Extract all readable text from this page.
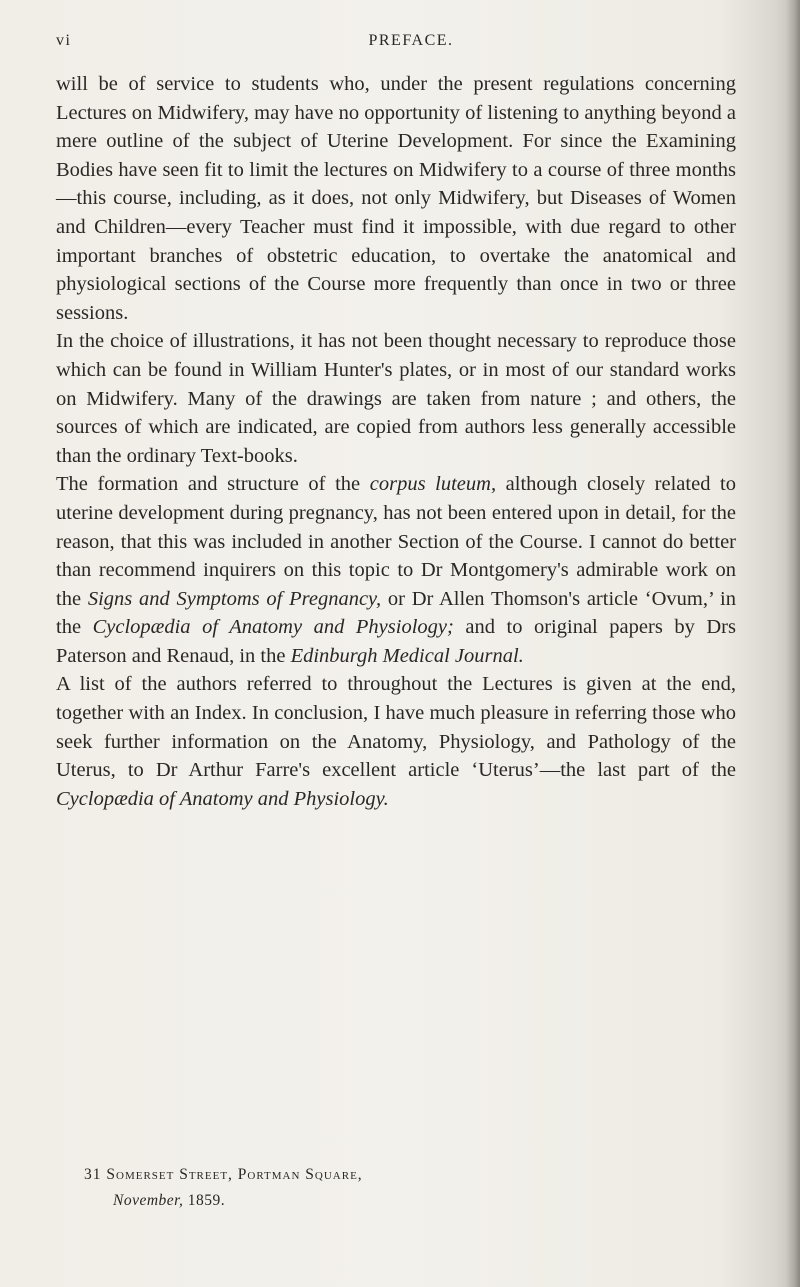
vi	PREFACE.

will be of service to students who, under the present regulations concerning Lectures on Midwifery, may have no opportunity of listening to anything beyond a mere outline of the subject of Uterine Development. For since the Examining Bodies have seen fit to limit the lectures on Midwifery to a course of three months—this course, including, as it does, not only Midwifery, but Diseases of Women and Children—every Teacher must find it impossible, with due regard to other important branches of obstetric education, to overtake the anatomical and physiological sections of the Course more frequently than once in two or three sessions.

In the choice of illustrations, it has not been thought necessary to reproduce those which can be found in William Hunter's plates, or in most of our standard works on Midwifery. Many of the drawings are taken from nature ; and others, the sources of which are indicated, are copied from authors less generally accessible than the ordinary Text-books.

The formation and structure of the corpus luteum, although closely related to uterine development during pregnancy, has not been entered upon in detail, for the reason, that this was included in another Section of the Course. I cannot do better than recommend inquirers on this topic to Dr Montgomery's admirable work on the Signs and Symptoms of Pregnancy, or Dr Allen Thomson's article ‘Ovum,’ in the Cyclopædia of Anatomy and Physiology; and to original papers by Drs Paterson and Renaud, in the Edinburgh Medical Journal.

A list of the authors referred to throughout the Lectures is given at the end, together with an Index. In conclusion, I have much pleasure in referring those who seek further information on the Anatomy, Physiology, and Pathology of the Uterus, to Dr Arthur Farre's excellent article ‘Uterus’—the last part of the Cyclopædia of Anatomy and Physiology.

31 Somerset Street, Portman Square,
November, 1859.
